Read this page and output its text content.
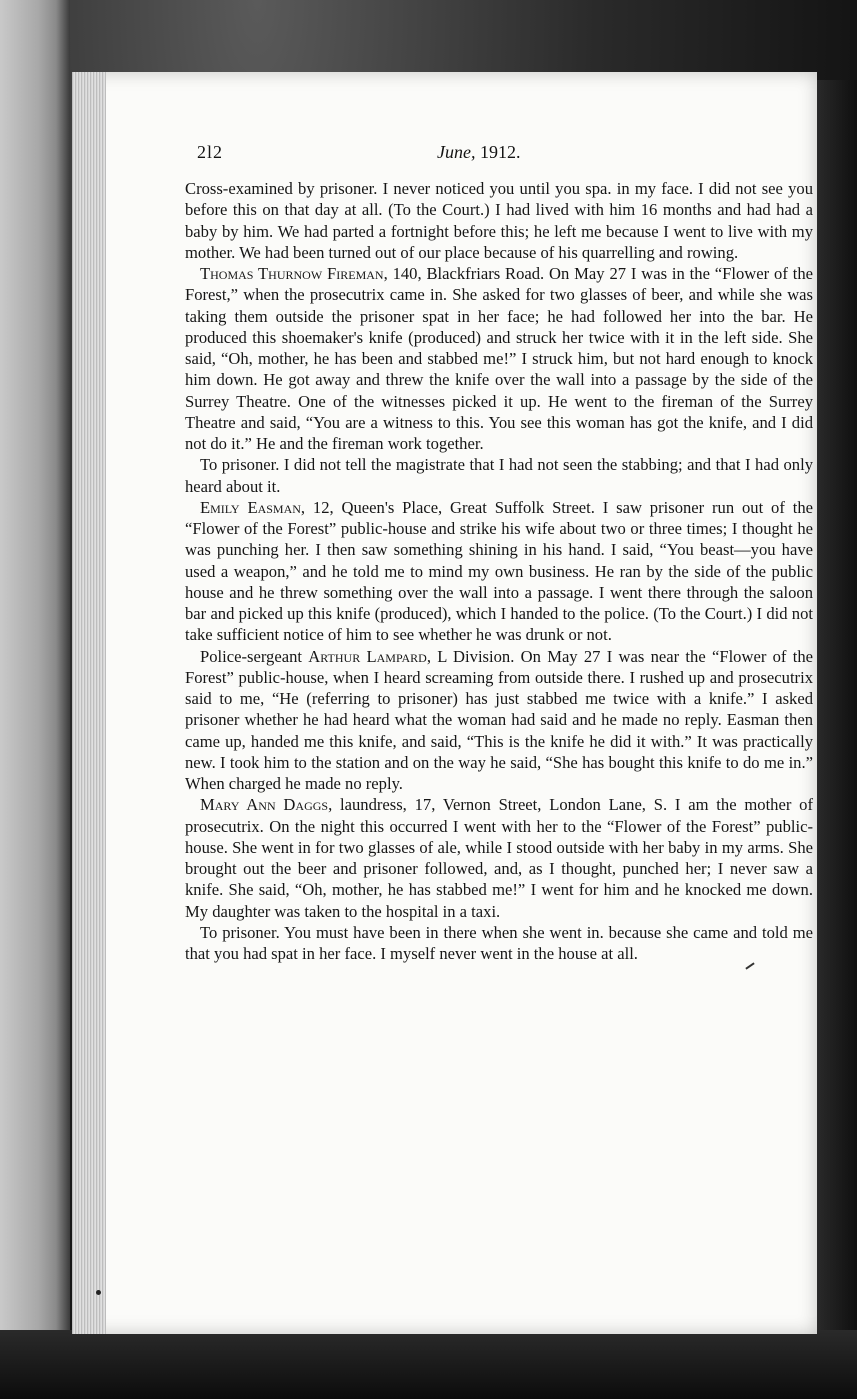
2l2	June, 1912.

Cross-examined by prisoner. I never noticed you until you spa. in my face. I did not see you before this on that day at all. (To the Court.) I had lived with him 16 months and had had a baby by him. We had parted a fortnight before this; he left me because I went to live with my mother. We had been turned out of our place because of his quarrelling and rowing.

Thomas Thurnow Fireman, 140, Blackfriars Road. On May 27 I was in the “Flower of the Forest,” when the prosecutrix came in. She asked for two glasses of beer, and while she was taking them outside the prisoner spat in her face; he had followed her into the bar. He produced this shoemaker's knife (produced) and struck her twice with it in the left side. She said, “Oh, mother, he has been and stabbed me!” I struck him, but not hard enough to knock him down. He got away and threw the knife over the wall into a passage by the side of the Surrey Theatre. One of the witnesses picked it up. He went to the fireman of the Surrey Theatre and said, “You are a witness to this. You see this woman has got the knife, and I did not do it.” He and the fireman work together.

To prisoner. I did not tell the magistrate that I had not seen the stabbing; and that I had only heard about it.

Emily Easman, 12, Queen's Place, Great Suffolk Street. I saw prisoner run out of the “Flower of the Forest” public-house and strike his wife about two or three times; I thought he was punching her. I then saw something shining in his hand. I said, “You beast—you have used a weapon,” and he told me to mind my own business. He ran by the side of the public house and he threw something over the wall into a passage. I went there through the saloon bar and picked up this knife (produced), which I handed to the police. (To the Court.) I did not take sufficient notice of him to see whether he was drunk or not.

Police-sergeant Arthur Lampard, L Division. On May 27 I was near the “Flower of the Forest” public-house, when I heard screaming from outside there. I rushed up and prosecutrix said to me, “He (referring to prisoner) has just stabbed me twice with a knife.” I asked prisoner whether he had heard what the woman had said and he made no reply. Easman then came up, handed me this knife, and said, “This is the knife he did it with.” It was practically new. I took him to the station and on the way he said, “She has bought this knife to do me in.” When charged he made no reply.

Mary Ann Daggs, laundress, 17, Vernon Street, London Lane, S. I am the mother of prosecutrix. On the night this occurred I went with her to the “Flower of the Forest” public-house. She went in for two glasses of ale, while I stood outside with her baby in my arms. She brought out the beer and prisoner followed, and, as I thought, punched her; I never saw a knife. She said, “Oh, mother, he has stabbed me!” I went for him and he knocked me down. My daughter was taken to the hospital in a taxi.

To prisoner. You must have been in there when she went in. because she came and told me that you had spat in her face. I myself never went in the house at all.
